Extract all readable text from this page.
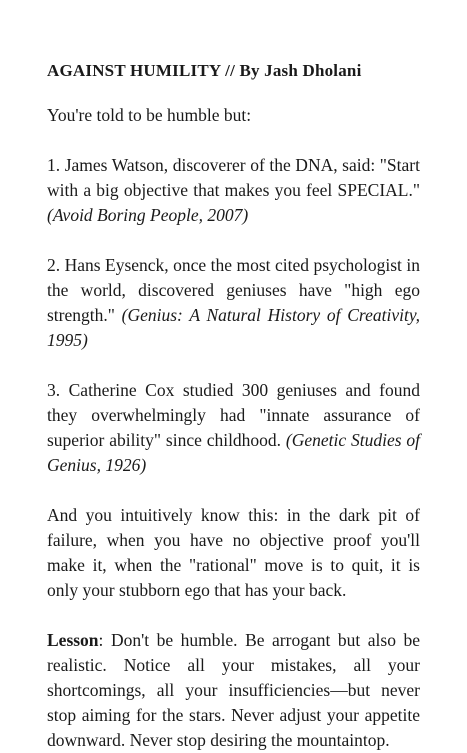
AGAINST HUMILITY // By Jash Dholani

You're told to be humble but:

1. James Watson, discoverer of the DNA, said: "Start with a big objective that makes you feel SPECIAL." (Avoid Boring People, 2007)

2. Hans Eysenck, once the most cited psychologist in the world, discovered geniuses have "high ego strength." (Genius: A Natural History of Creativity, 1995)

3. Catherine Cox studied 300 geniuses and found they overwhelmingly had "innate assurance of superior ability" since childhood. (Genetic Studies of Genius, 1926)

And you intuitively know this: in the dark pit of failure, when you have no objective proof you'll make it, when the "rational" move is to quit, it is only your stubborn ego that has your back.

Lesson: Don't be humble. Be arrogant but also be realistic. Notice all your mistakes, all your shortcomings, all your insufficiencies—but never stop aiming for the stars. Never adjust your appetite downward. Never stop desiring the mountaintop.
